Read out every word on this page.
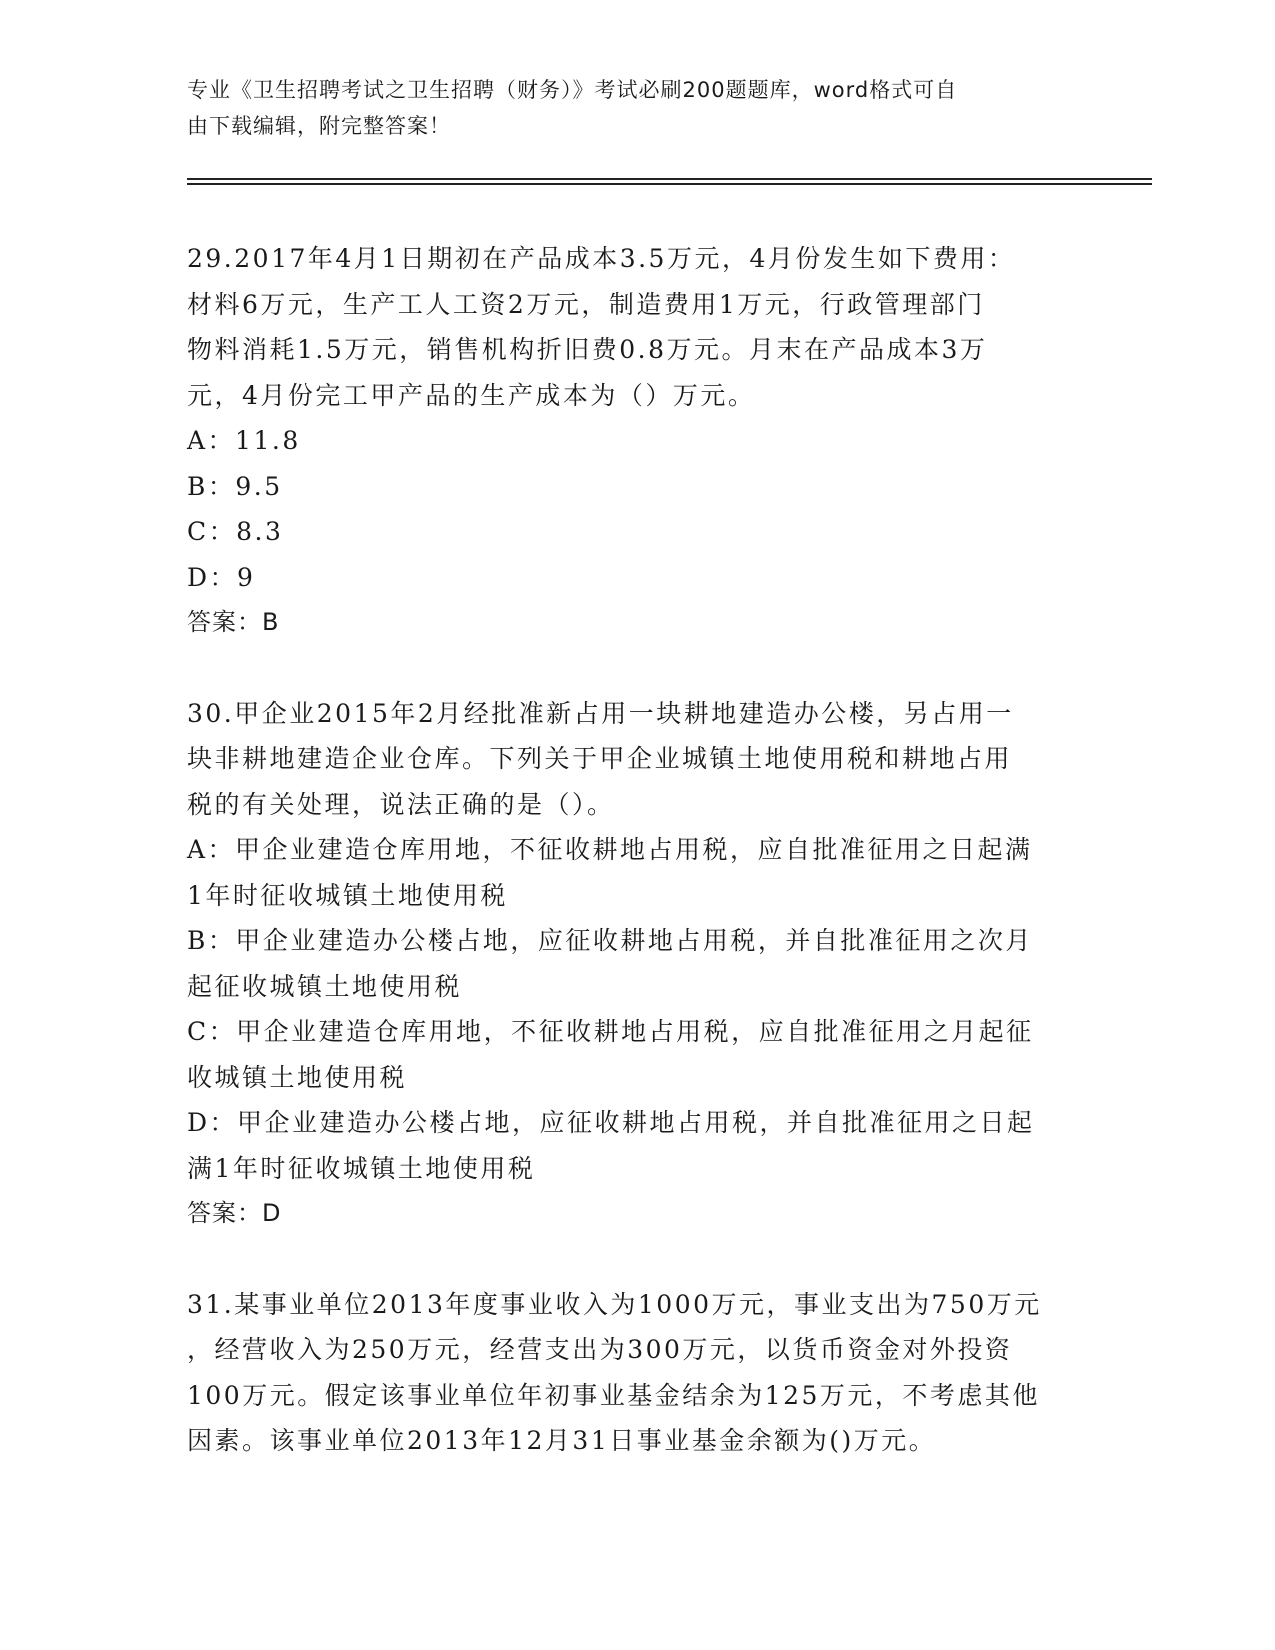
专业《卫生招聘考试之卫生招聘（财务）》考试必刷200题题库，word格式可自
由下载编辑，附完整答案！

29.2017年4月1日期初在产品成本3.5万元，4月份发生如下费用：

材料6万元，生产工人工资2万元，制造费用1万元，行政管理部门

物料消耗1.5万元，销售机构折旧费0.8万元。月末在产品成本3万

元，4月份完工甲产品的生产成本为（）万元。

A：11.8

B：9.5

C：8.3

D：9

答案：B

30.甲企业2015年2月经批准新占用一块耕地建造办公楼，另占用一

块非耕地建造企业仓库。下列关于甲企业城镇土地使用税和耕地占用

税的有关处理，说法正确的是（）。

A：甲企业建造仓库用地，不征收耕地占用税，应自批准征用之日起满

1年时征收城镇土地使用税

B：甲企业建造办公楼占地，应征收耕地占用税，并自批准征用之次月

起征收城镇土地使用税

C：甲企业建造仓库用地，不征收耕地占用税，应自批准征用之月起征

收城镇土地使用税

D：甲企业建造办公楼占地，应征收耕地占用税，并自批准征用之日起

满1年时征收城镇土地使用税

答案：D

31.某事业单位2013年度事业收入为1000万元，事业支出为750万元

，经营收入为250万元，经营支出为300万元，以货币资金对外投资

100万元。假定该事业单位年初事业基金结余为125万元，不考虑其他

因素。该事业单位2013年12月31日事业基金余额为()万元。
